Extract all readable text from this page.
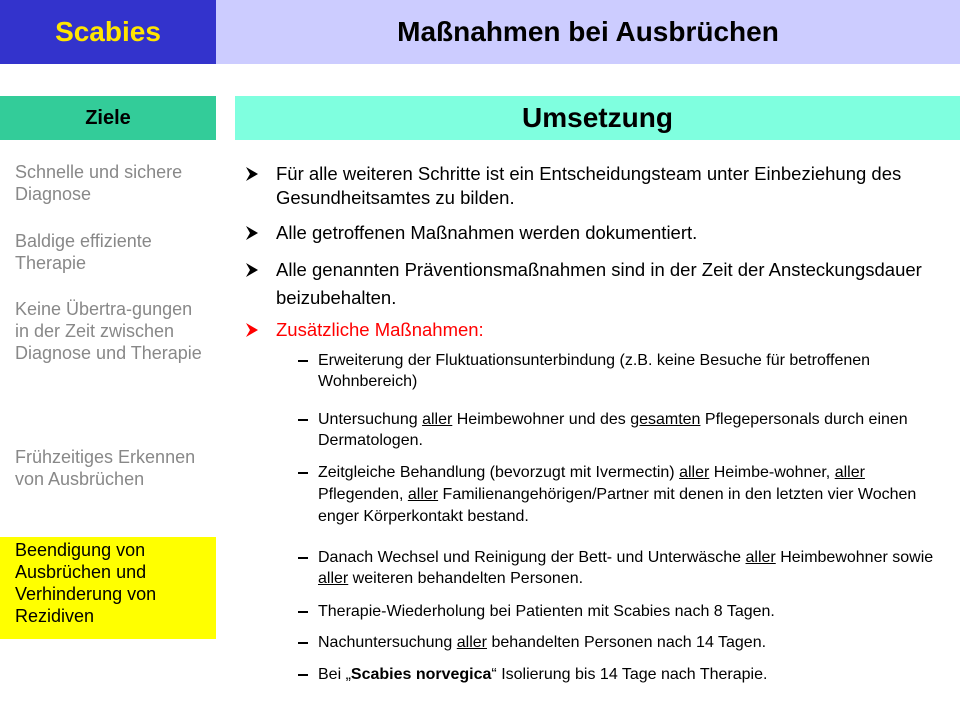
Scabies	Maßnahmen bei Ausbrüchen
Ziele	Umsetzung
Schnelle und sichere Diagnose
Baldige effiziente Therapie
Keine Übertra-gungen in der Zeit zwischen Diagnose und Therapie
Frühzeitiges Erkennen von Ausbrüchen
Beendigung von Ausbrüchen und Verhinderung von Rezidiven
Für alle weiteren Schritte ist ein Entscheidungsteam unter Einbeziehung des Gesundheitsamtes zu bilden.
Alle getroffenen Maßnahmen werden dokumentiert.
Alle genannten Präventionsmaßnahmen sind in der Zeit der Ansteckungsdauer beizubehalten.
Zusätzliche Maßnahmen:
Erweiterung der Fluktuationsunterbindung (z.B. keine Besuche für betroffenen Wohnbereich)
Untersuchung aller Heimbewohner und des gesamten Pflegepersonals durch einen Dermatologen.
Zeitgleiche Behandlung (bevorzugt mit Ivermectin) aller Heimbe-wohner, aller Pflegenden, aller Familienangehörigen/Partner mit denen in den letzten vier Wochen enger Körperkontakt bestand.
Danach Wechsel und Reinigung der Bett- und Unterwäsche aller Heimbewohner sowie aller weiteren behandelten Personen.
Therapie-Wiederholung bei Patienten mit Scabies nach 8 Tagen.
Nachuntersuchung aller behandelten Personen nach 14 Tagen.
Bei „Scabies norvegica“ Isolierung bis 14 Tage nach Therapie.
